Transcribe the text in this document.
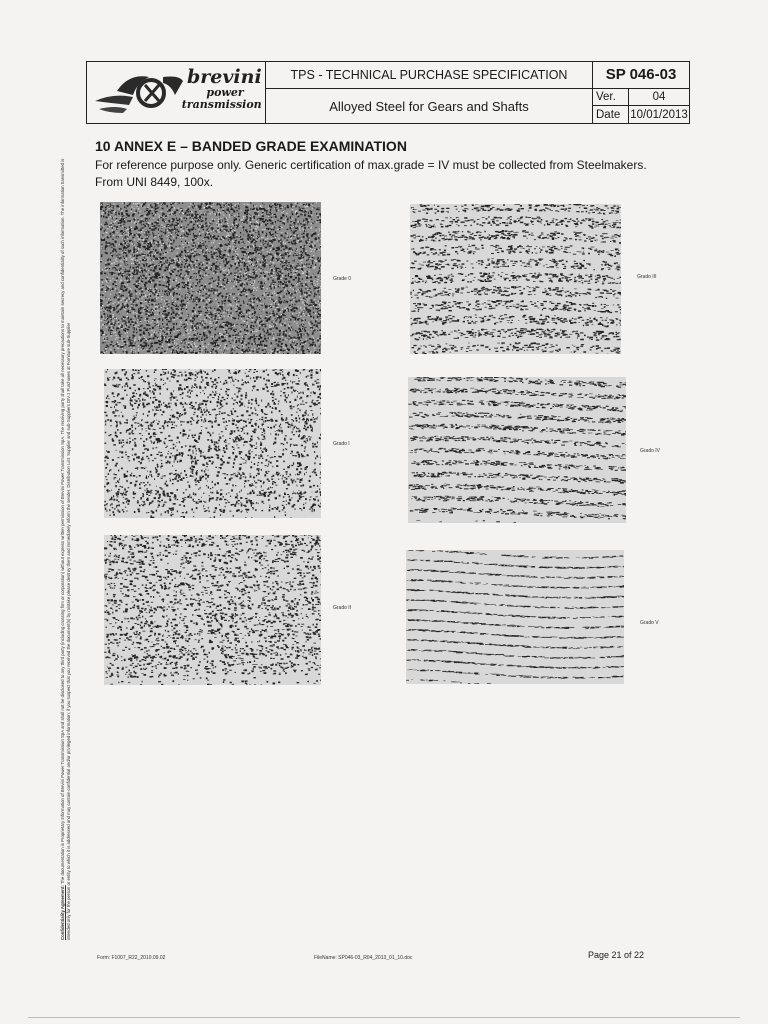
brevini
power
transmission
TPS - TECHNICAL PURCHASE SPECIFICATION
Alloyed Steel for Gears and Shafts
SP 046-03
Ver.	04
Date 10/01/2013
10 ANNEX E – BANDED GRADE EXAMINATION
For reference purpose only. Generic certification of max.grade = IV must be collected from Steelmakers.
From UNI 8449, 100x.
Grade 0
Grado I
Grado II
Grado III
Grado IV
Grado V
Confidentiality Agreement: The documentation is Proprietary Information of Brevini Power Transmission SpA and shall not be disclosed to any third party (including crossing firm or corporation) without express written permission of Brevini Power Transmission SpA. The receiving party shall take all necessary precautions to maintain secrecy and confidentiality of such information. The information transmitted is intended only for the person or entity to which it is addressed and may contain confidential and/or privileged information; if you suspect that you received the document(s) by mistake please destroy them and immediately inform the sender. Distribution List: Supplier and sub-Suppliers DIV.1 Purchases at Forniture sub-Supplier
Form: F1007_R22_2010.09.02	FileName: SP046-03_R04_2013_01_10.doc	Page 21 of 22
